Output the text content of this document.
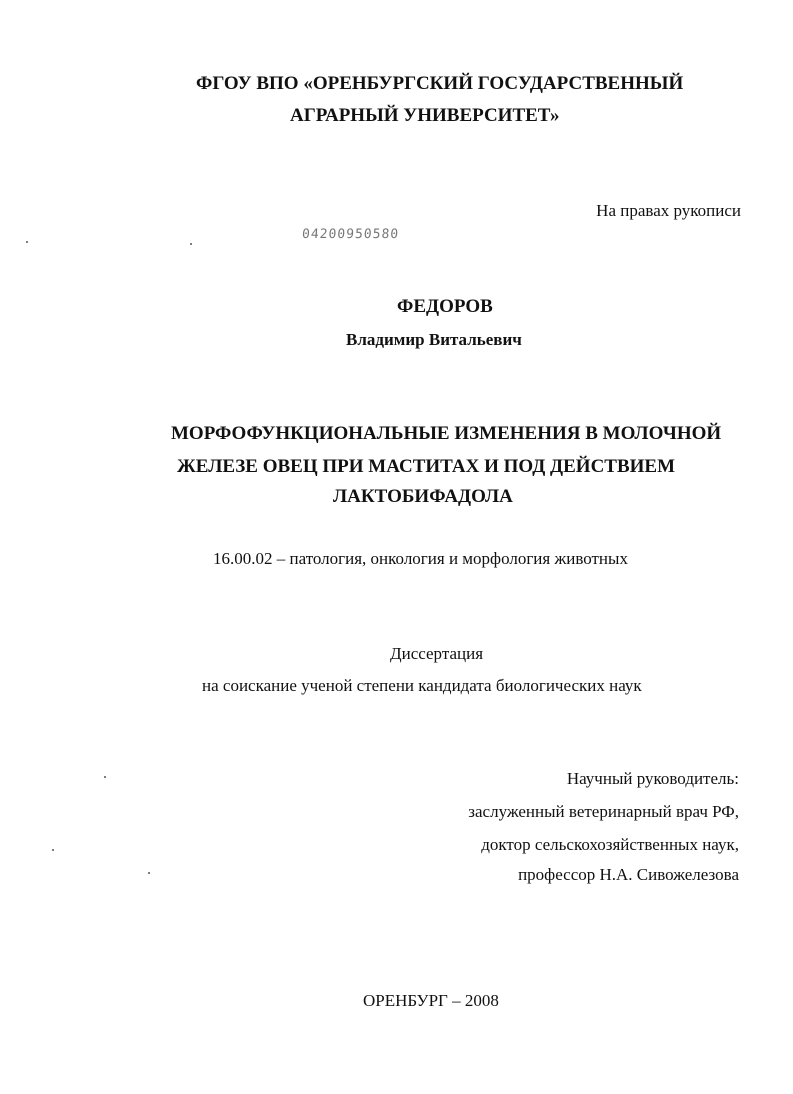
ФГОУ ВПО «ОРЕНБУРГСКИЙ ГОСУДАРСТВЕННЫЙ
АГРАРНЫЙ УНИВЕРСИТЕТ»
На правах рукописи
04200950580
ФЕДОРОВ
Владимир Витальевич
МОРФОФУНКЦИОНАЛЬНЫЕ ИЗМЕНЕНИЯ В МОЛОЧНОЙ
ЖЕЛЕЗЕ ОВЕЦ ПРИ МАСТИТАХ И ПОД ДЕЙСТВИЕМ
ЛАКТОБИФАДОЛА
16.00.02 – патология, онкология и морфология животных
Диссертация
на соискание ученой степени кандидата биологических наук
Научный руководитель:
заслуженный ветеринарный врач РФ,
доктор сельскохозяйственных наук,
профессор Н.А. Сивожелезова
ОРЕНБУРГ – 2008
